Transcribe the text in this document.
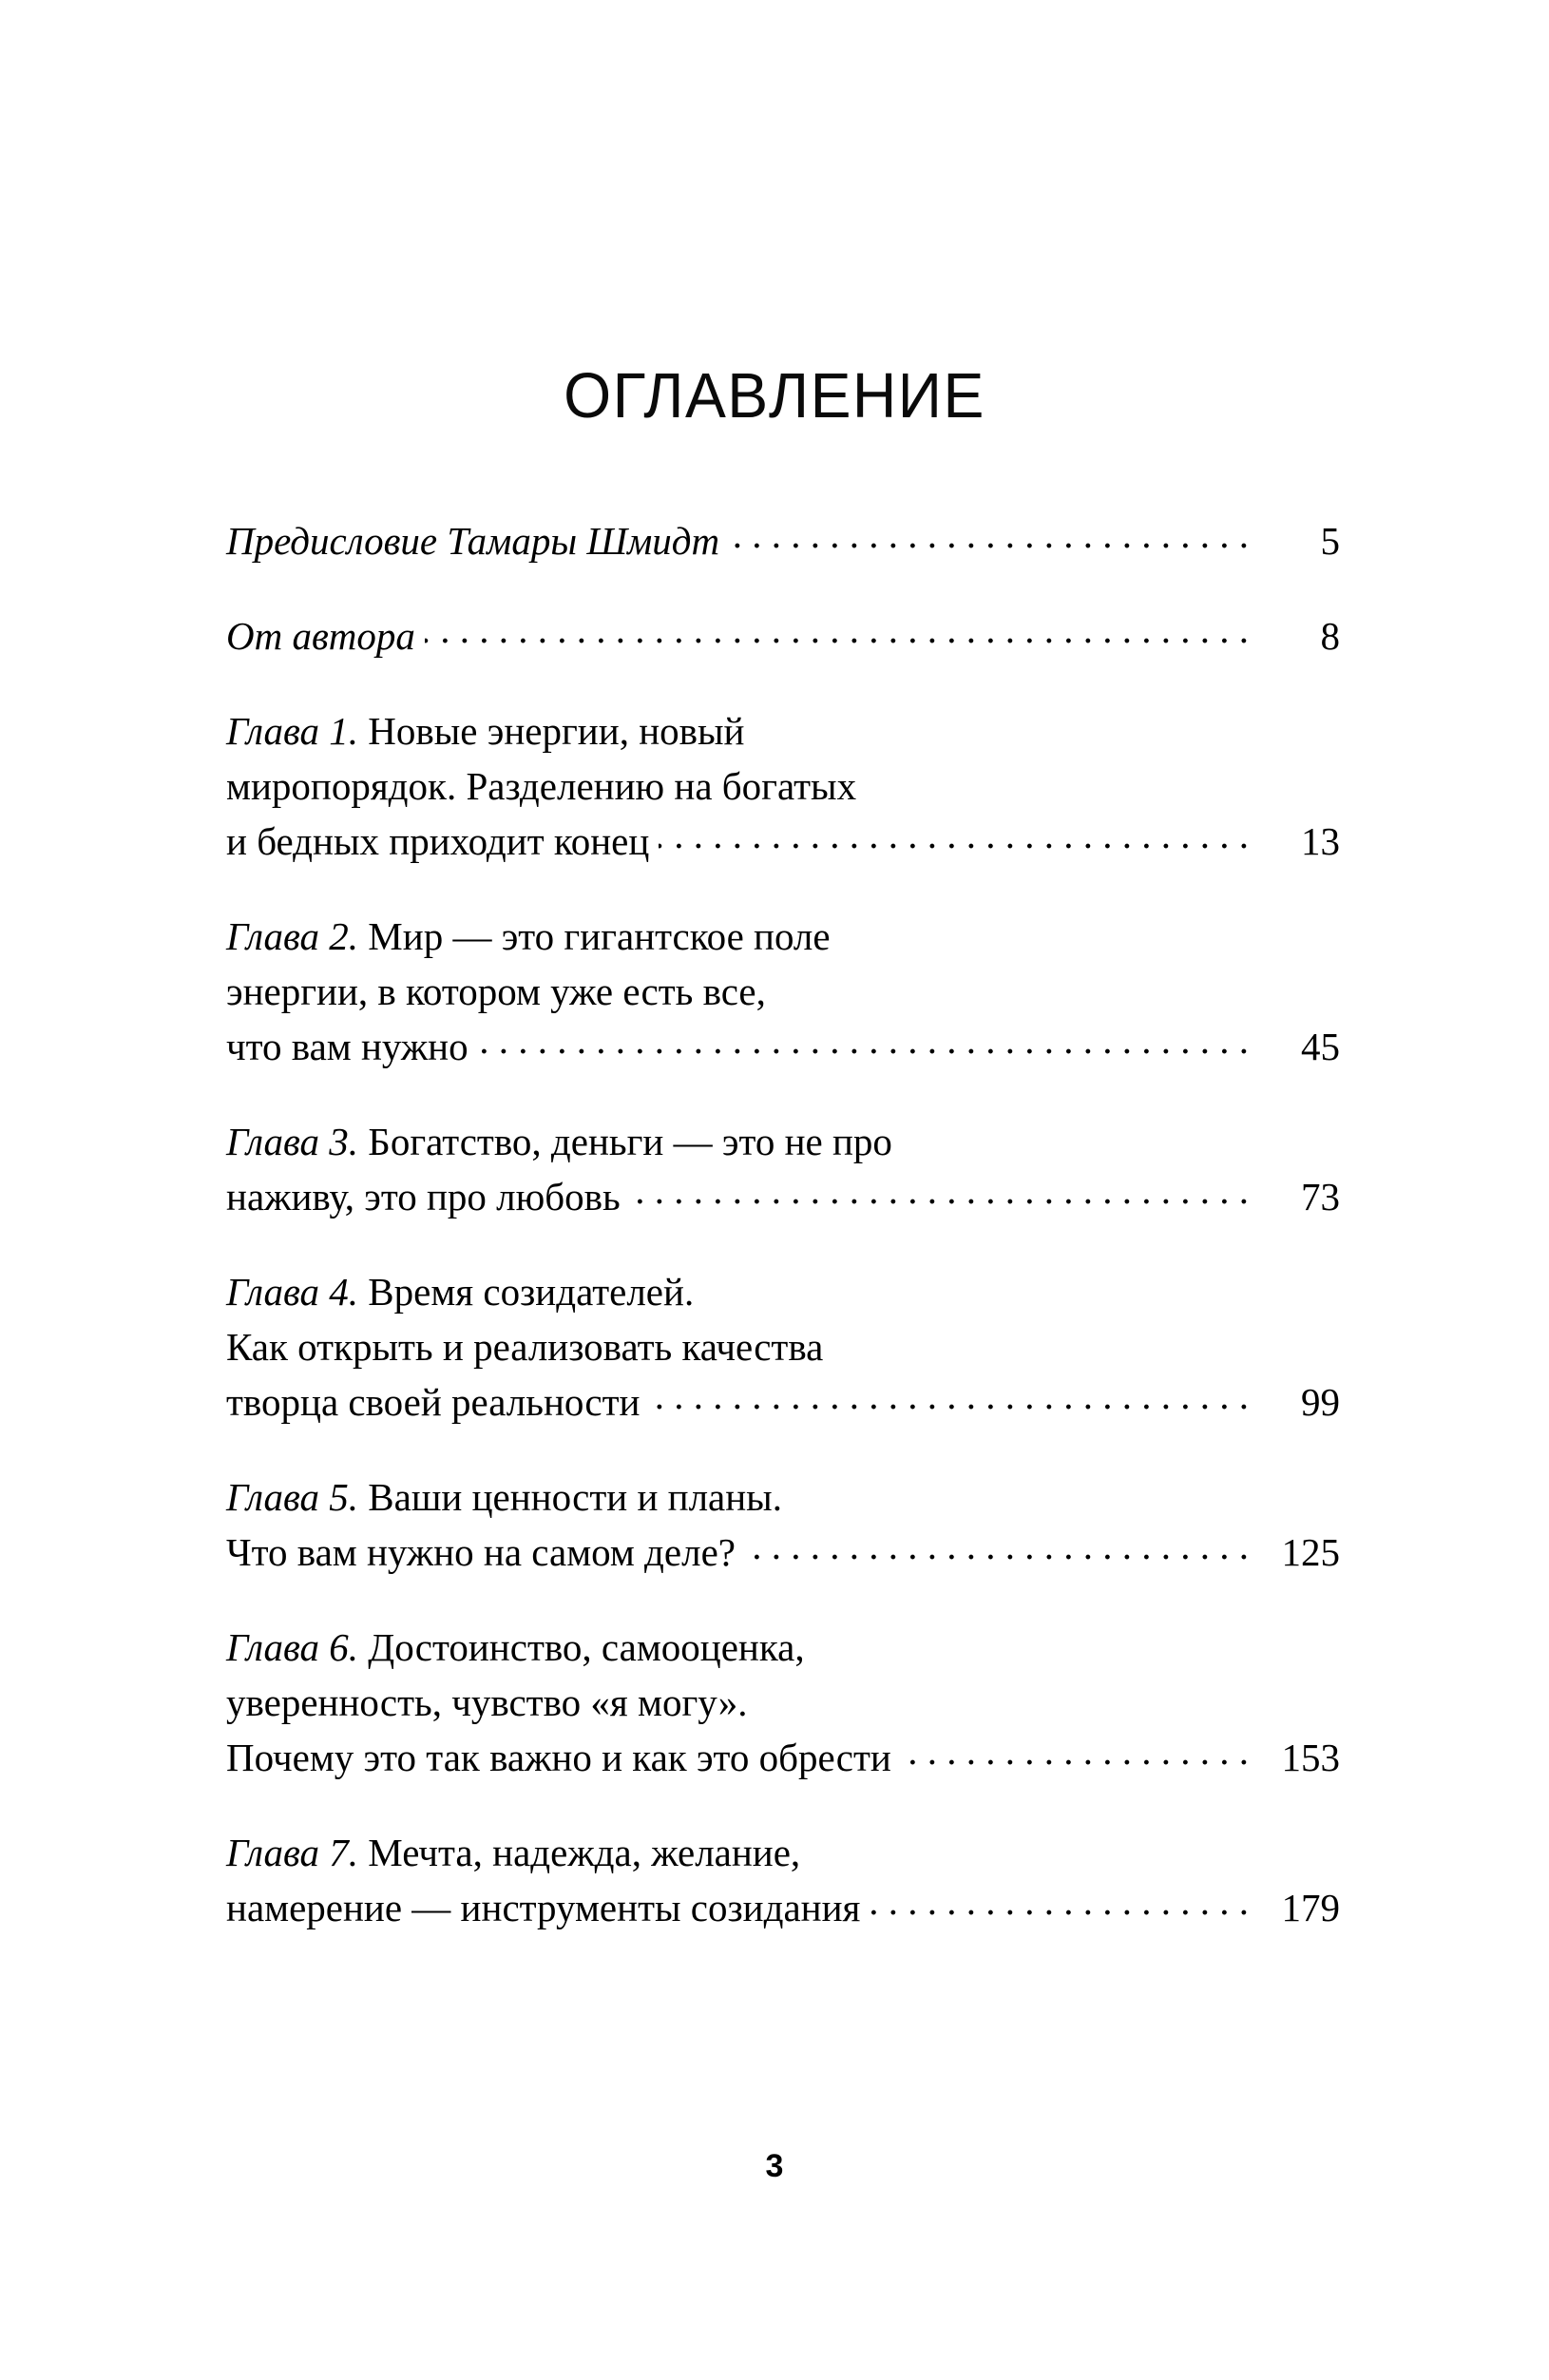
ОГЛАВЛЕНИЕ
Предисловие Тамары Шмидт . . .	5
От автора . . .	8
Глава 1. Новые энергии, новый
миропорядок. Разделению на богатых
и бедных приходит конец . . .	13
Глава 2. Мир — это гигантское поле
энергии, в котором уже есть все,
что вам нужно . . .	45
Глава 3. Богатство, деньги — это не про
наживу, это про любовь . . .	73
Глава 4. Время созидателей.
Как открыть и реализовать качества
творца своей реальности . . .	99
Глава 5. Ваши ценности и планы.
Что вам нужно на самом деле? . . .	125
Глава 6. Достоинство, самооценка,
уверенность, чувство «я могу».
Почему это так важно и как это обрести . . .	153
Глава 7. Мечта, надежда, желание,
намерение — инструменты созидания . . .	179
3
